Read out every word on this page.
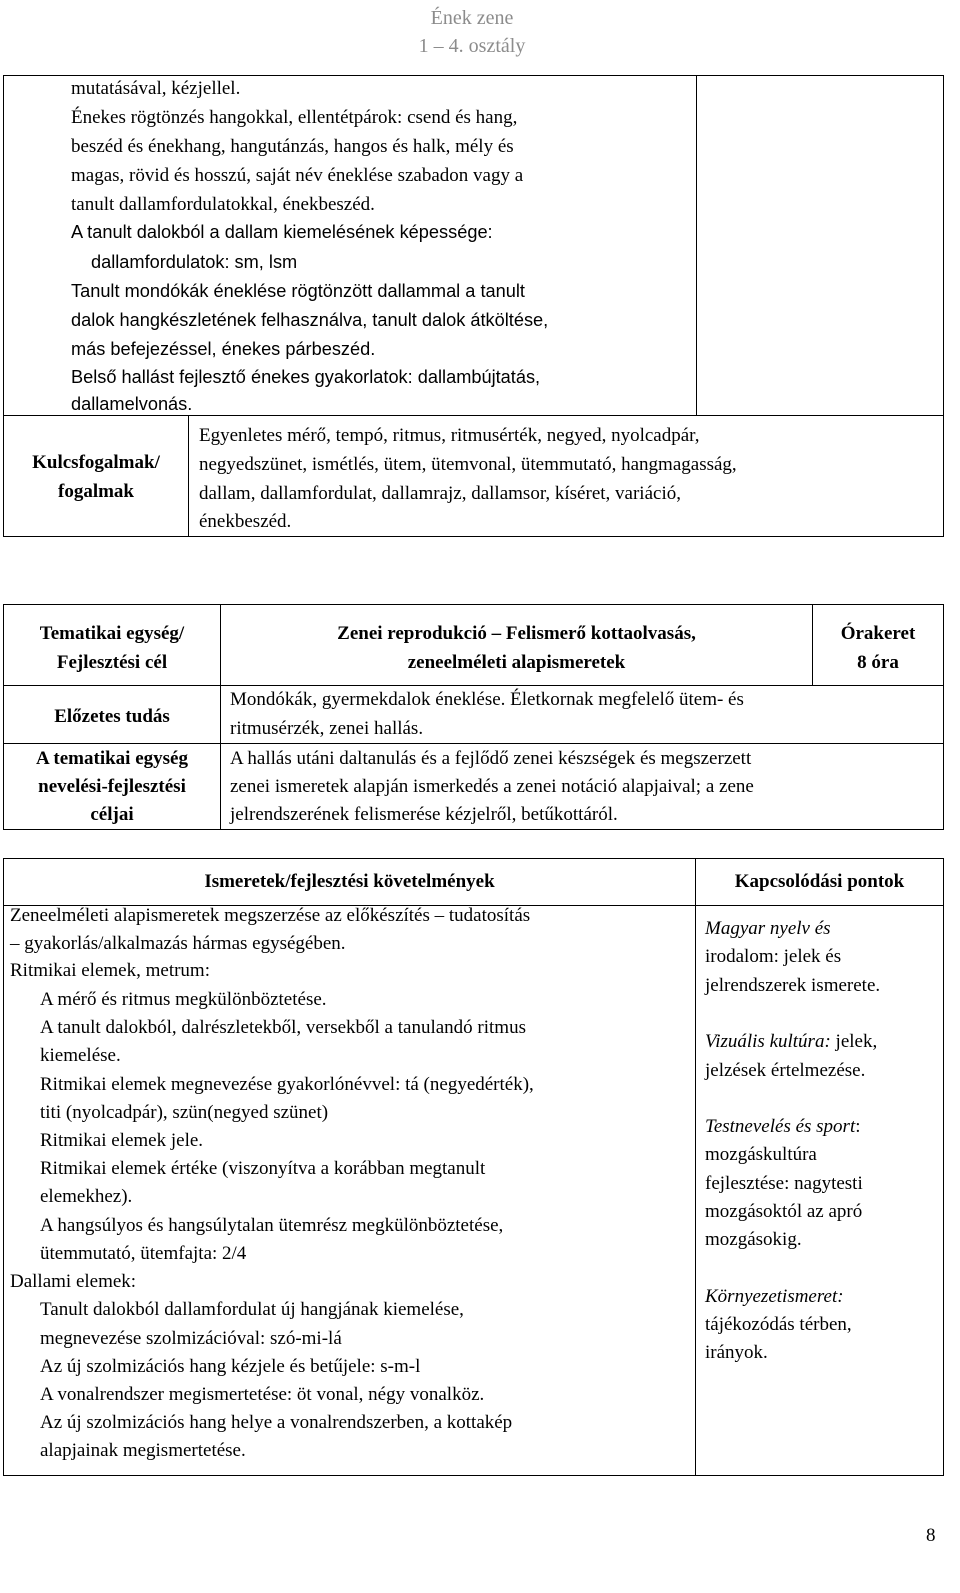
Ének zene
1 – 4. osztály
mutatásával, kézjellel.
Énekes rögtönzés hangokkal, ellentétpárok: csend és hang,
beszéd és énekhang, hangutánzás, hangos és halk, mély és
magas, rövid és hosszú, saját név éneklése szabadon vagy a
tanult dallamfordulatokkal, énekbeszéd.
A tanult dalokból a dallam kiemelésének képessége:
dallamfordulatok: sm, lsm
Tanult mondókák éneklése rögtönzött dallammal a tanult
dalok hangkészletének felhasználva, tanult dalok átköltése,
más befejezéssel, énekes párbeszéd.
Belső hallást fejlesztő énekes gyakorlatok: dallambújtatás,
dallamelvonás.
Kulcsfogalmak/
fogalmak
Egyenletes mérő, tempó, ritmus, ritmusérték, negyed, nyolcadpár,
negyedszünet, ismétlés, ütem, ütemvonal, ütemmutató, hangmagasság,
dallam, dallamfordulat, dallamrajz, dallamsor, kíséret, variáció,
énekbeszéd.
Tematikai egység/
Fejlesztési cél
Zenei reprodukció – Felismerő kottaolvasás,
zeneelméleti alapismeretek
Órakeret
8 óra
Előzetes tudás
Mondókák, gyermekdalok éneklése. Életkornak megfelelő ütem- és
ritmusérzék, zenei hallás.
A tematikai egység
nevelési-fejlesztési
céljai
A hallás utáni daltanulás és a fejlődő zenei készségek és megszerzett
zenei ismeretek alapján ismerkedés a zenei notáció alapjaival; a zene
jelrendszerének felismerése kézjelről, betűkottáról.
Ismeretek/fejlesztési követelmények	Kapcsolódási pontok
Zeneelméleti alapismeretek megszerzése az előkészítés – tudatosítás
– gyakorlás/alkalmazás hármas egységében.
Ritmikai elemek, metrum:
A mérő és ritmus megkülönböztetése.
A tanult dalokból, dalrészletekből, versekből a tanulandó ritmus
kiemelése.
Ritmikai elemek megnevezése gyakorlónévvel: tá (negyedérték),
titi (nyolcadpár), szün(negyed szünet)
Ritmikai elemek jele.
Ritmikai elemek értéke (viszonyítva a korábban megtanult
elemekhez).
A hangsúlyos és hangsúlytalan ütemrész megkülönböztetése,
ütemmutató, ütemfajta: 2/4
Dallami elemek:
Tanult dalokból dallamfordulat új hangjának kiemelése,
megnevezése szolmizációval: szó-mi-lá
Az új szolmizációs hang kézjele és betűjele: s-m-l
A vonalrendszer megismertetése: öt vonal, négy vonalköz.
Az új szolmizációs hang helye a vonalrendszerben, a kottakép
alapjainak megismertetése.
Magyar nyelv és
irodalom: jelek és
jelrendszerek ismerete.
Vizuális kultúra: jelek,
jelzések értelmezése.
Testnevelés és sport:
mozgáskultúra
fejlesztése: nagytesti
mozgásoktól az apró
mozgásokig.
Környezetismeret:
tájékozódás térben,
irányok.
8
